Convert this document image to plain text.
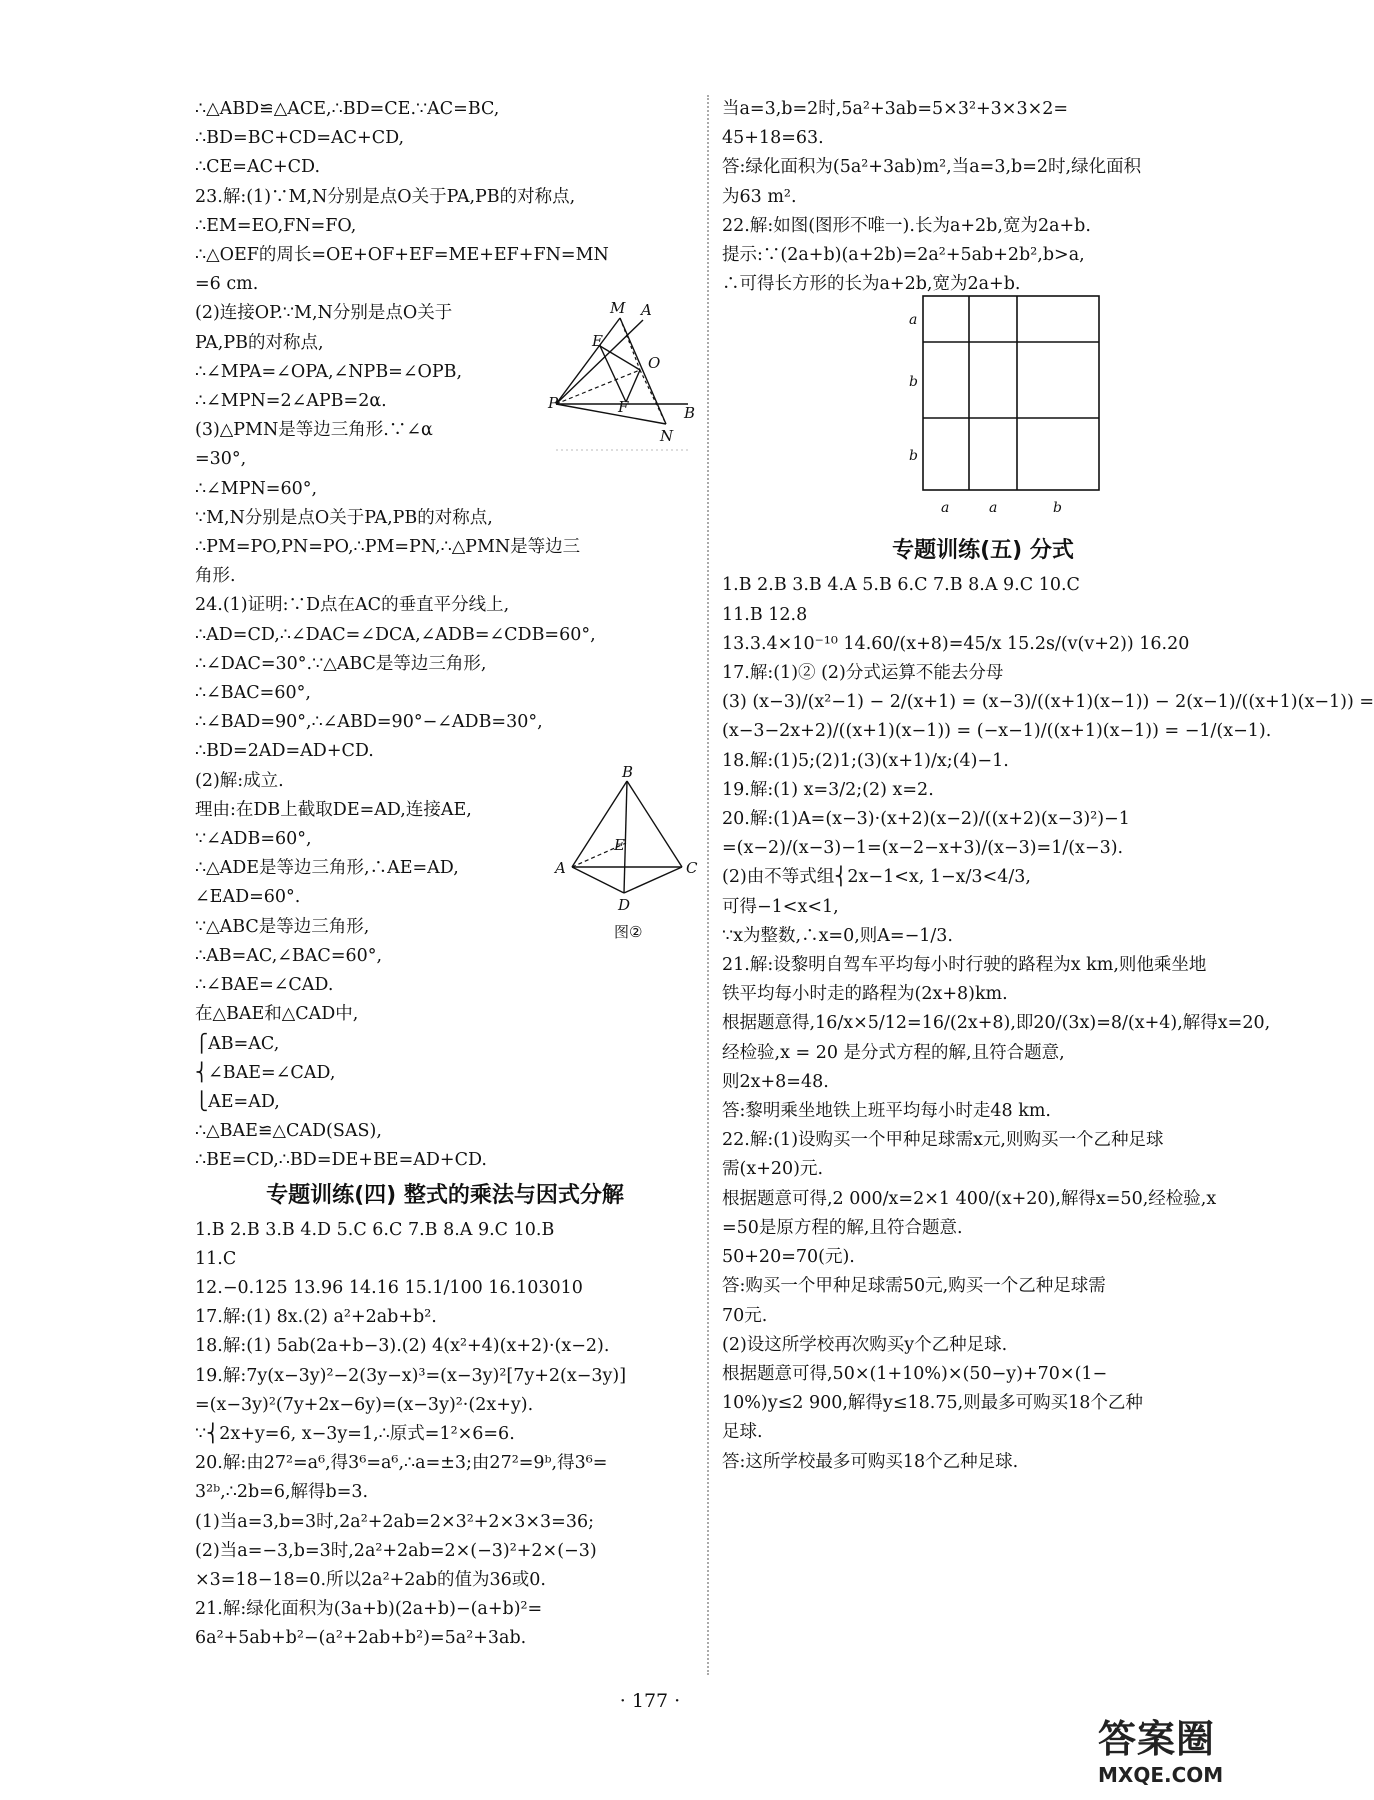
∴△ABD≌△ACE,∴BD=CE.∵AC=BC,
∴BD=BC+CD=AC+CD,
∴CE=AC+CD.
23.解:(1)∵M,N分别是点O关于PA,PB的对称点,
∴EM=EO,FN=FO,
∴△OEF的周长=OE+OF+EF=ME+EF+FN=MN
=6 cm.
(2)连接OP.∵M,N分别是点O关于
PA,PB的对称点,
∴∠MPA=∠OPA,∠NPB=∠OPB,
∴∠MPN=2∠APB=2α.
(3)△PMN是等边三角形.∵∠α
=30°,
∴∠MPN=60°,
∵M,N分别是点O关于PA,PB的对称点,
∴PM=PO,PN=PO,∴PM=PN,∴△PMN是等边三
角形.
24.(1)证明:∵D点在AC的垂直平分线上,
∴AD=CD,∴∠DAC=∠DCA,∠ADB=∠CDB=60°,
∴∠DAC=30°.∵△ABC是等边三角形,
∴∠BAC=60°,
∴∠BAD=90°,∴∠ABD=90°−∠ADB=30°,
∴BD=2AD=AD+CD.
(2)解:成立.
理由:在DB上截取DE=AD,连接AE,
∵∠ADB=60°,
∴△ADE是等边三角形,∴AE=AD,
∠EAD=60°.
∵△ABC是等边三角形,
∴AB=AC,∠BAC=60°,
∴∠BAE=∠CAD.
在△BAE和△CAD中,
⎧AB=AC,
⎨∠BAE=∠CAD,
⎩AE=AD,
∴△BAE≌△CAD(SAS),
∴BE=CD,∴BD=DE+BE=AD+CD.
专题训练(四) 整式的乘法与因式分解
1.B 2.B 3.B 4.D 5.C 6.C 7.B 8.A 9.C 10.B
11.C
12.−0.125 13.96 14.16 15.1/100 16.103010
17.解:(1) 8x.(2) a²+2ab+b².
18.解:(1) 5ab(2a+b−3).(2) 4(x²+4)(x+2)·(x−2).
19.解:7y(x−3y)²−2(3y−x)³=(x−3y)²[7y+2(x−3y)]
=(x−3y)²(7y+2x−6y)=(x−3y)²·(2x+y).
∵⎨2x+y=6, x−3y=1,∴原式=1²×6=6.
20.解:由27²=a⁶,得3⁶=a⁶,∴a=±3;由27²=9ᵇ,得3⁶=
3²ᵇ,∴2b=6,解得b=3.
(1)当a=3,b=3时,2a²+2ab=2×3²+2×3×3=36;
(2)当a=−3,b=3时,2a²+2ab=2×(−3)²+2×(−3)
×3=18−18=0.所以2a²+2ab的值为36或0.
21.解:绿化面积为(3a+b)(2a+b)−(a+b)²=
6a²+5ab+b²−(a²+2ab+b²)=5a²+3ab.
当a=3,b=2时,5a²+3ab=5×3²+3×3×2=
45+18=63.
答:绿化面积为(5a²+3ab)m²,当a=3,b=2时,绿化面积
为63 m².
22.解:如图(图形不唯一).长为a+2b,宽为2a+b.
提示:∵(2a+b)(a+2b)=2a²+5ab+2b²,b>a,
∴可得长方形的长为a+2b,宽为2a+b.
专题训练(五) 分式
1.B 2.B 3.B 4.A 5.B 6.C 7.B 8.A 9.C 10.C
11.B 12.8
13.3.4×10⁻¹⁰ 14.60/(x+8)=45/x 15.2s/(v(v+2)) 16.20
17.解:(1)② (2)分式运算不能去分母
(3) (x−3)/(x²−1) − 2/(x+1) = (x−3)/((x+1)(x−1)) − 2(x−1)/((x+1)(x−1)) =
(x−3−2x+2)/((x+1)(x−1)) = (−x−1)/((x+1)(x−1)) = −1/(x−1).
18.解:(1)5;(2)1;(3)(x+1)/x;(4)−1.
19.解:(1) x=3/2;(2) x=2.
20.解:(1)A=(x−3)·(x+2)(x−2)/((x+2)(x−3)²)−1
=(x−2)/(x−3)−1=(x−2−x+3)/(x−3)=1/(x−3).
(2)由不等式组⎨2x−1<x, 1−x/3<4/3,
可得−1<x<1,
∵x为整数,∴x=0,则A=−1/3.
21.解:设黎明自驾车平均每小时行驶的路程为x km,则他乘坐地
铁平均每小时走的路程为(2x+8)km.
根据题意得,16/x×5/12=16/(2x+8),即20/(3x)=8/(x+4),解得x=20,
经检验,x = 20 是分式方程的解,且符合题意,
则2x+8=48.
答:黎明乘坐地铁上班平均每小时走48 km.
22.解:(1)设购买一个甲种足球需x元,则购买一个乙种足球
需(x+20)元.
根据题意可得,2 000/x=2×1 400/(x+20),解得x=50,经检验,x
=50是原方程的解,且符合题意.
50+20=70(元).
答:购买一个甲种足球需50元,购买一个乙种足球需
70元.
(2)设这所学校再次购买y个乙种足球.
根据题意可得,50×(1+10%)×(50−y)+70×(1−
10%)y≤2 900,解得y≤18.75,则最多可购买18个乙种
足球.
答:这所学校最多可购买18个乙种足球.
M A
E
O
P	F	B
N
B
E
A	C
D
图②
a
b
b
a	a	b
· 177 ·
答案圈
MXQE.COM
